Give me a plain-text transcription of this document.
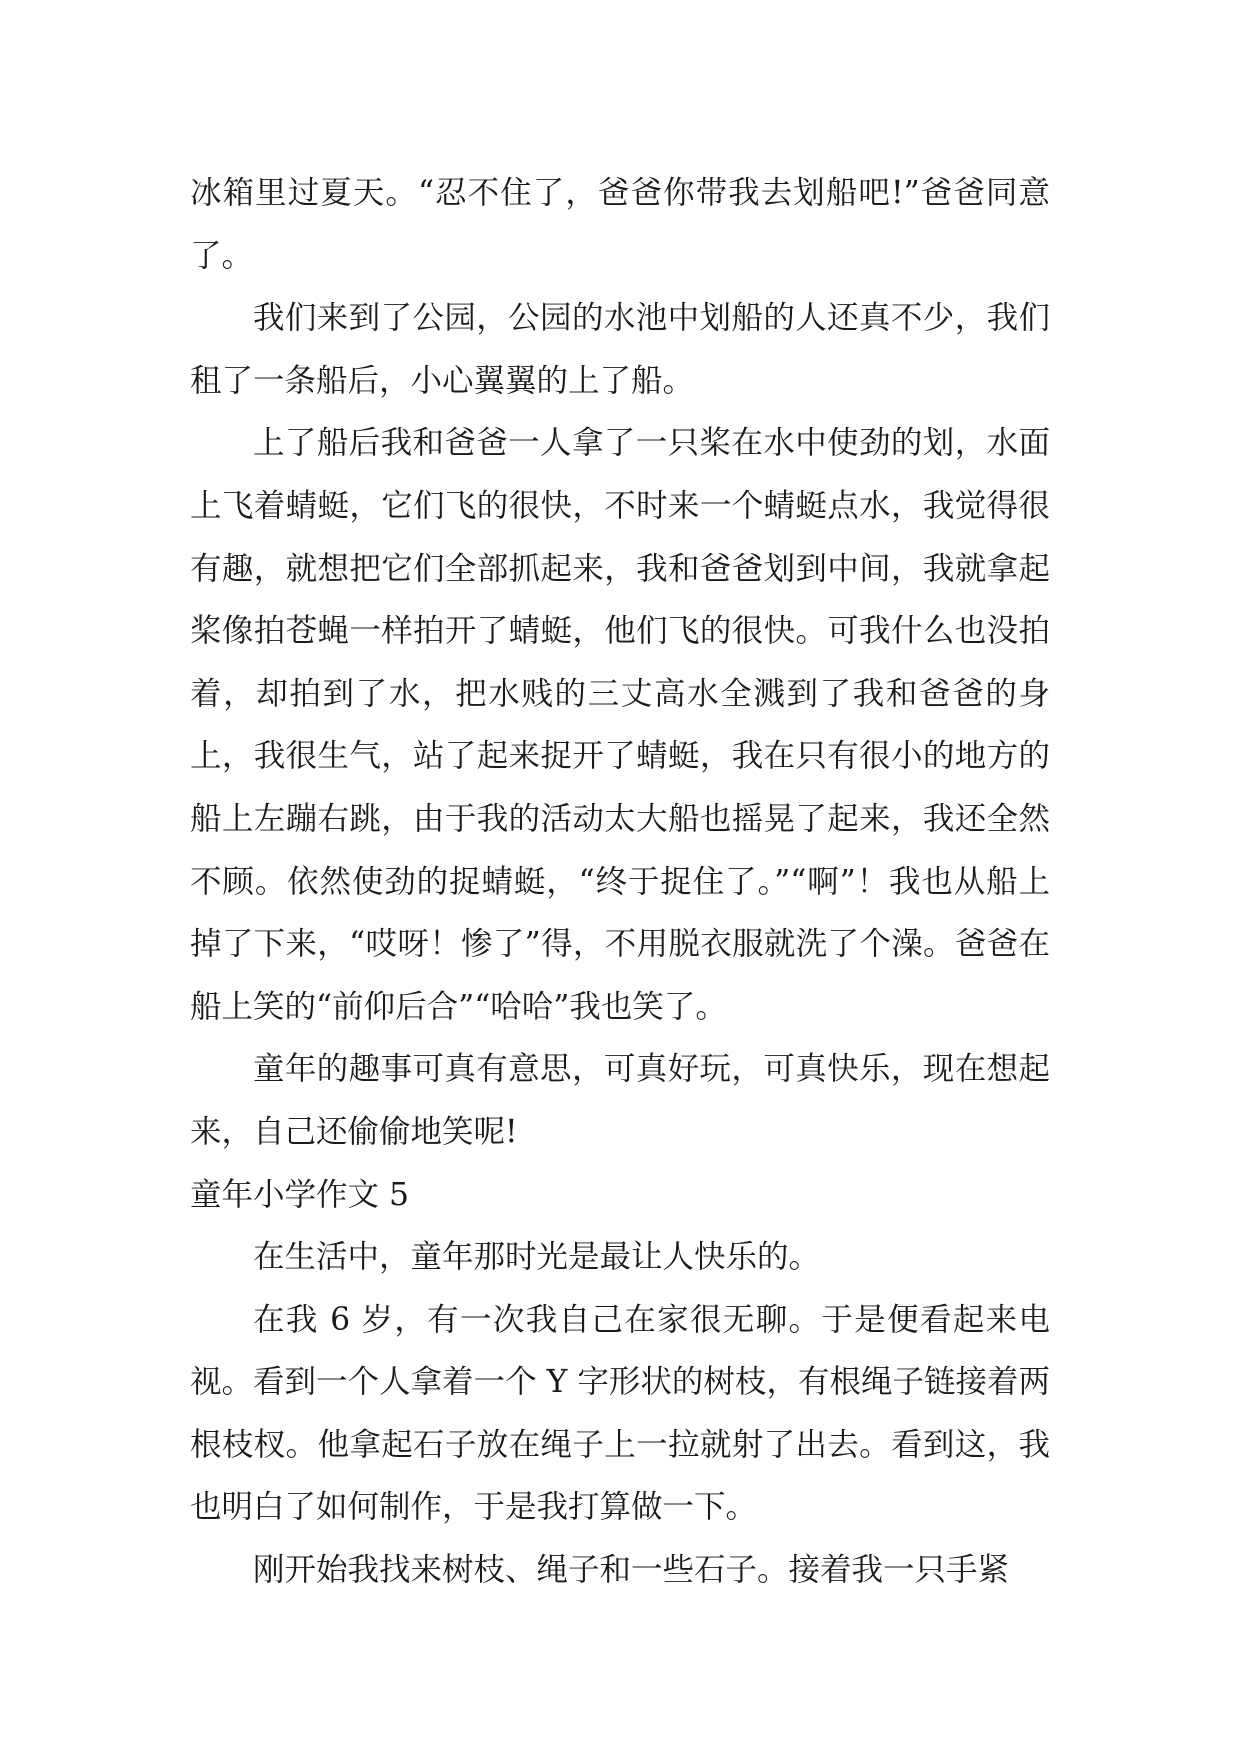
冰箱里过夏天。“忍不住了，爸爸你带我去划船吧!”爸爸同意了。

我们来到了公园，公园的水池中划船的人还真不少，我们租了一条船后，小心翼翼的上了船。

上了船后我和爸爸一人拿了一只桨在水中使劲的划，水面上飞着蜻蜓，它们飞的很快，不时来一个蜻蜓点水，我觉得很有趣，就想把它们全部抓起来，我和爸爸划到中间，我就拿起桨像拍苍蝇一样拍开了蜻蜓，他们飞的很快。可我什么也没拍着，却拍到了水，把水贱的三丈高水全溅到了我和爸爸的身上，我很生气，站了起来捉开了蜻蜓，我在只有很小的地方的船上左蹦右跳，由于我的活动太大船也摇晃了起来，我还全然不顾。依然使劲的捉蜻蜓，“终于捉住了。”“啊”！我也从船上掉了下来，“哎呀！惨了”得，不用脱衣服就洗了个澡。爸爸在船上笑的“前仰后合”“哈哈”我也笑了。

童年的趣事可真有意思，可真好玩，可真快乐，现在想起来，自己还偷偷地笑呢!

童年小学作文 5

在生活中，童年那时光是最让人快乐的。

在我 6 岁，有一次我自己在家很无聊。于是便看起来电视。看到一个人拿着一个 Y 字形状的树枝，有根绳子链接着两根枝杈。他拿起石子放在绳子上一拉就射了出去。看到这，我也明白了如何制作，于是我打算做一下。

刚开始我找来树枝、绳子和一些石子。接着我一只手紧
